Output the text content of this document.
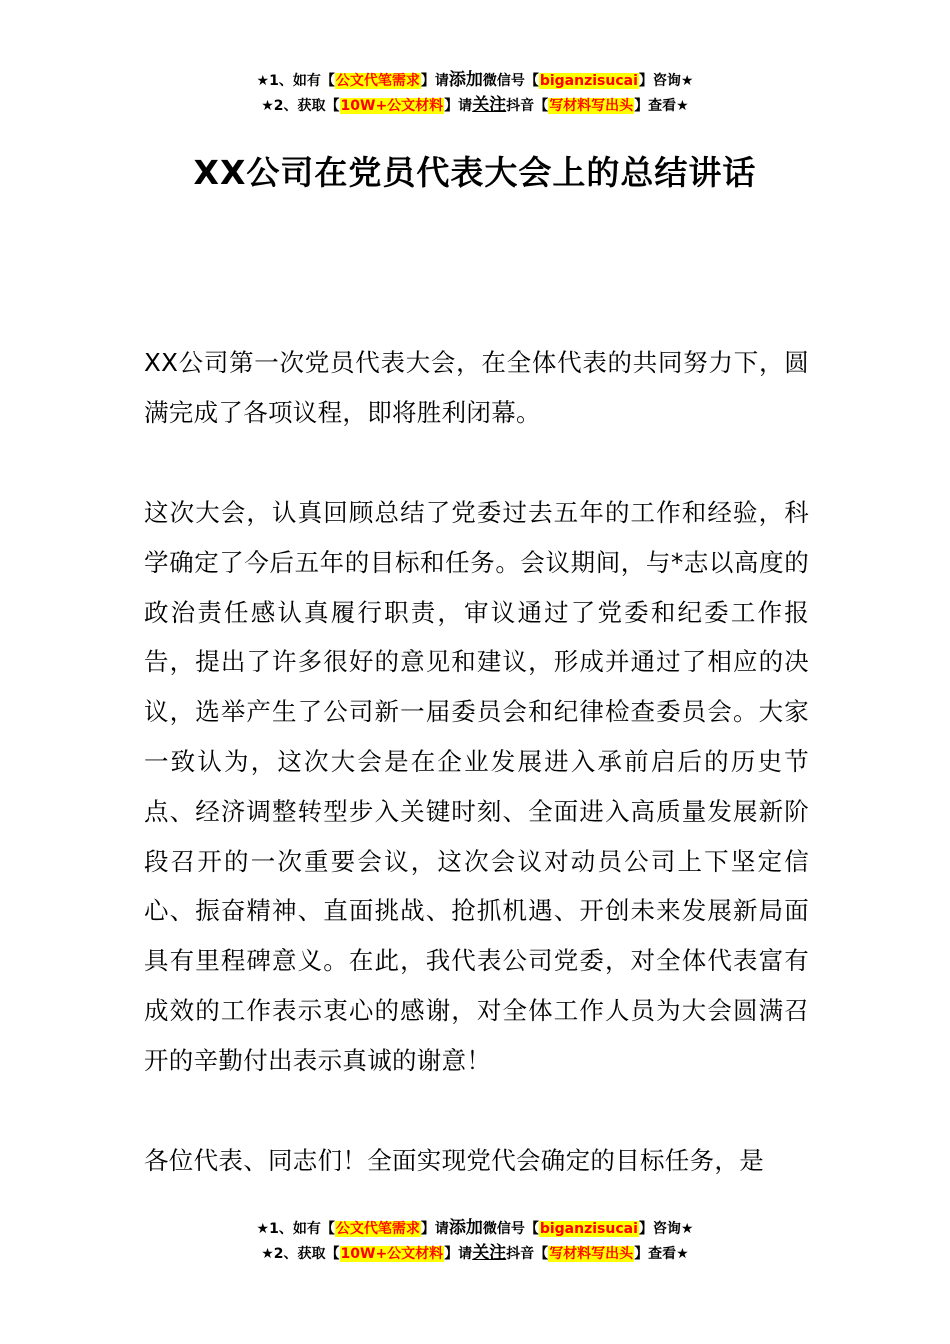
★1、如有【公文代笔需求】请添加微信号【biganzisucai】咨询★
★2、获取【10W+公文材料】请关注抖音【写材料写出头】查看★
XX公司在党员代表大会上的总结讲话
XX公司第一次党员代表大会，在全体代表的共同努力下，圆满完成了各项议程，即将胜利闭幕。
这次大会，认真回顾总结了党委过去五年的工作和经验，科学确定了今后五年的目标和任务。会议期间，与*志以高度的政治责任感认真履行职责，审议通过了党委和纪委工作报告，提出了许多很好的意见和建议，形成并通过了相应的决议，选举产生了公司新一届委员会和纪律检查委员会。大家一致认为，这次大会是在企业发展进入承前启后的历史节点、经济调整转型步入关键时刻、全面进入高质量发展新阶段召开的一次重要会议，这次会议对动员公司上下坚定信心、振奋精神、直面挑战、抢抓机遇、开创未来发展新局面具有里程碑意义。在此，我代表公司党委，对全体代表富有成效的工作表示衷心的感谢，对全体工作人员为大会圆满召开的辛勤付出表示真诚的谢意！
各位代表、同志们！全面实现党代会确定的目标任务，是
★1、如有【公文代笔需求】请添加微信号【biganzisucai】咨询★
★2、获取【10W+公文材料】请关注抖音【写材料写出头】查看★
